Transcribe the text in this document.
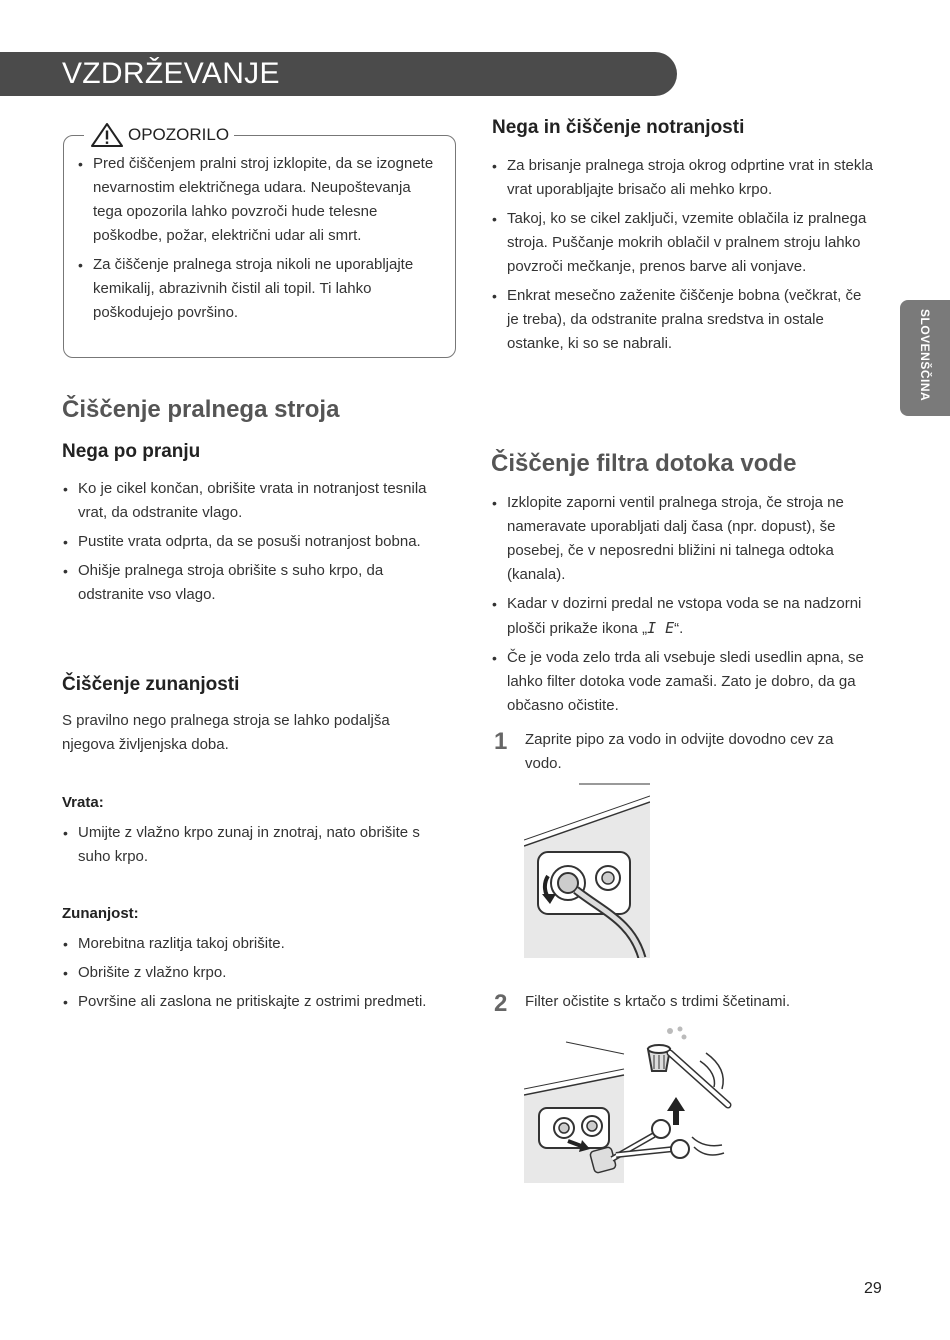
VZDRŽEVANJE
SLOVENŠČINA
OPOZORILO
• Pred čiščenjem pralni stroj izklopite, da se izognete nevarnostim električnega udara. Neupoštevanja tega opozorila lahko povzroči hude telesne poškodbe, požar, električni udar ali smrt.
• Za čiščenje pralnega stroja nikoli ne uporabljajte kemikalij, abrazivnih čistil ali topil. Ti lahko poškodujejo površino.
Čiščenje pralnega stroja
Nega po pranju
• Ko je cikel končan, obrišite vrata in notranjost tesnila vrat, da odstranite vlago.
• Pustite vrata odprta, da se posuši notranjost bobna.
• Ohišje pralnega stroja obrišite s suho krpo, da odstranite vso vlago.
Čiščenje zunanjosti

S pravilno nego pralnega stroja se lahko podaljša njegova življenjska doba.

Vrata:
• Umijte z vlažno krpo zunaj in znotraj, nato obrišite s suho krpo.
Zunanjost:
• Morebitna razlitja takoj obrišite.
• Obrišite z vlažno krpo.
• Površine ali zaslona ne pritiskajte z ostrimi predmeti.
Nega in čiščenje notranjosti
• Za brisanje pralnega stroja okrog odprtine vrat in stekla vrat uporabljajte brisačo ali mehko krpo.
• Takoj, ko se cikel zaključi, vzemite oblačila iz pralnega stroja. Puščanje mokrih oblačil v pralnem stroju lahko povzroči mečkanje, prenos barve ali vonjave.
• Enkrat mesečno zaženite čiščenje bobna (večkrat, če je treba), da odstranite pralna sredstva in ostale ostanke, ki so se nabrali.
Čiščenje filtra dotoka vode
• Izklopite zaporni ventil pralnega stroja, če stroja ne nameravate uporabljati dalj časa (npr. dopust), še posebej, če v neposredni bližini ni talnega odtoka (kanala).
• Kadar v dozirni predal ne vstopa voda se na nadzorni plošči prikaže ikona „I E“.
• Če je voda zelo trda ali vsebuje sledi usedlin apna, se lahko filter dotoka vode zamaši. Zato je dobro, da ga občasno očistite.
1 Zaprite pipo za vodo in odvijte dovodno cev za vodo.
2 Filter očistite s krtačo s trdimi ščetinami.
29
